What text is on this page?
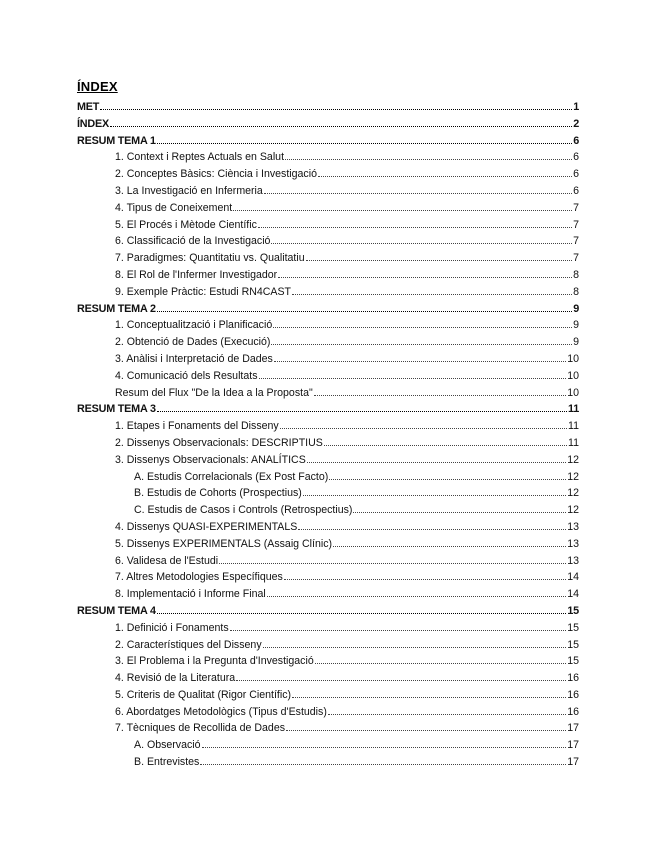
ÍNDEX
MET	1
ÍNDEX	2
RESUM TEMA 1	6
1. Context i Reptes Actuals en Salut	6
2. Conceptes Bàsics: Ciència i Investigació	6
3. La Investigació en Infermeria	6
4. Tipus de Coneixement	7
5. El Procés i Mètode Científic	7
6. Classificació de la Investigació	7
7. Paradigmes: Quantitatiu vs. Qualitatiu	7
8. El Rol de l'Infermer Investigador	8
9. Exemple Pràctic: Estudi RN4CAST	8
RESUM TEMA 2	9
1. Conceptualització i Planificació	9
2. Obtenció de Dades (Execució)	9
3. Anàlisi i Interpretació de Dades	10
4. Comunicació dels Resultats	10
Resum del Flux "De la Idea a la Proposta"	10
RESUM TEMA 3	11
1. Etapes i Fonaments del Disseny	11
2. Dissenys Observacionals: DESCRIPTIUS	11
3. Dissenys Observacionals: ANALÍTICS	12
A. Estudis Correlacionals (Ex Post Facto)	12
B. Estudis de Cohorts (Prospectius)	12
C. Estudis de Casos i Controls (Retrospectius)	12
4. Dissenys QUASI-EXPERIMENTALS	13
5. Dissenys EXPERIMENTALS (Assaig Clínic)	13
6. Validesa de l'Estudi	13
7. Altres Metodologies Específiques	14
8. Implementació i Informe Final	14
RESUM TEMA 4	15
1. Definició i Fonaments	15
2. Característiques del Disseny	15
3. El Problema i la Pregunta d'Investigació	15
4. Revisió de la Literatura	16
5. Criteris de Qualitat (Rigor Científic)	16
6. Abordatges Metodològics (Tipus d'Estudis)	16
7. Tècniques de Recollida de Dades	17
A. Observació	17
B. Entrevistes	17
